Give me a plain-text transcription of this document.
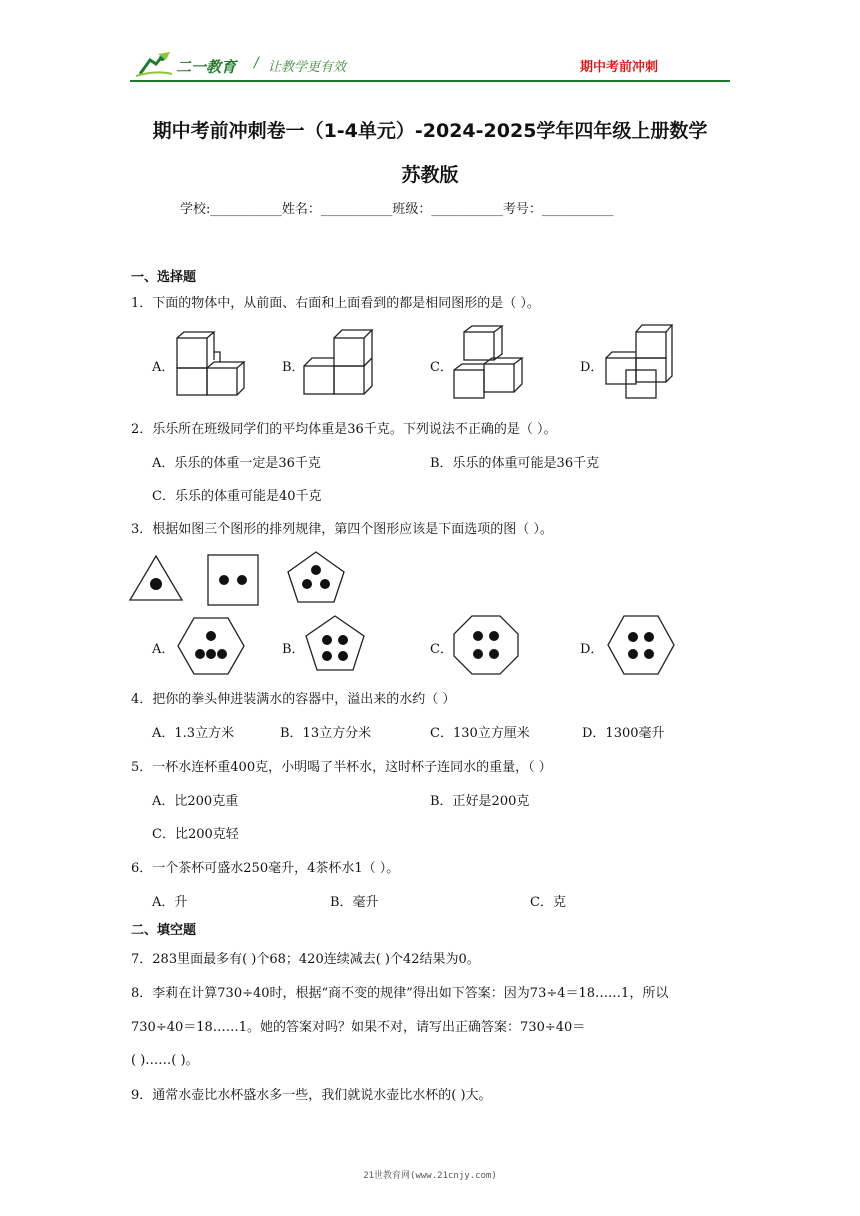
二一教育 / 让教学更有效	期中考前冲刺
期中考前冲刺卷一（1-4单元）-2024-2025学年四年级上册数学
苏教版
学校:___________姓名：___________班级：___________考号：___________
一、选择题
1．下面的物体中，从前面、右面和上面看到的都是相同图形的是（ ）。
A．	B．	C．	D．
2．乐乐所在班级同学们的平均体重是36千克。下列说法不正确的是（ ）。
A．乐乐的体重一定是36千克	B．乐乐的体重可能是36千克
C．乐乐的体重可能是40千克
3．根据如图三个图形的排列规律，第四个图形应该是下面选项的图（ ）。
A．	B．	C．	D．
4．把你的拳头伸进装满水的容器中，溢出来的水约（ ）
A．1.3立方米	B．13立方分米	C．130立方厘米	D．1300毫升
5．一杯水连杯重400克，小明喝了半杯水，这时杯子连同水的重量，（ ）
A．比200克重	B．正好是200克
C．比200克轻
6．一个茶杯可盛水250毫升，4茶杯水1（ ）。
A．升	B．毫升	C．克
二、填空题
7．283里面最多有( )个68；420连续减去( )个42结果为0。
8．李莉在计算730÷40时，根据“商不变的规律”得出如下答案：因为73÷4＝18……1，所以
730÷40＝18……1。她的答案对吗？如果不对，请写出正确答案：730÷40＝
( )……( )。
9．通常水壶比水杯盛水多一些，我们就说水壶比水杯的( )大。
21世教育网(www.21cnjy.com)
